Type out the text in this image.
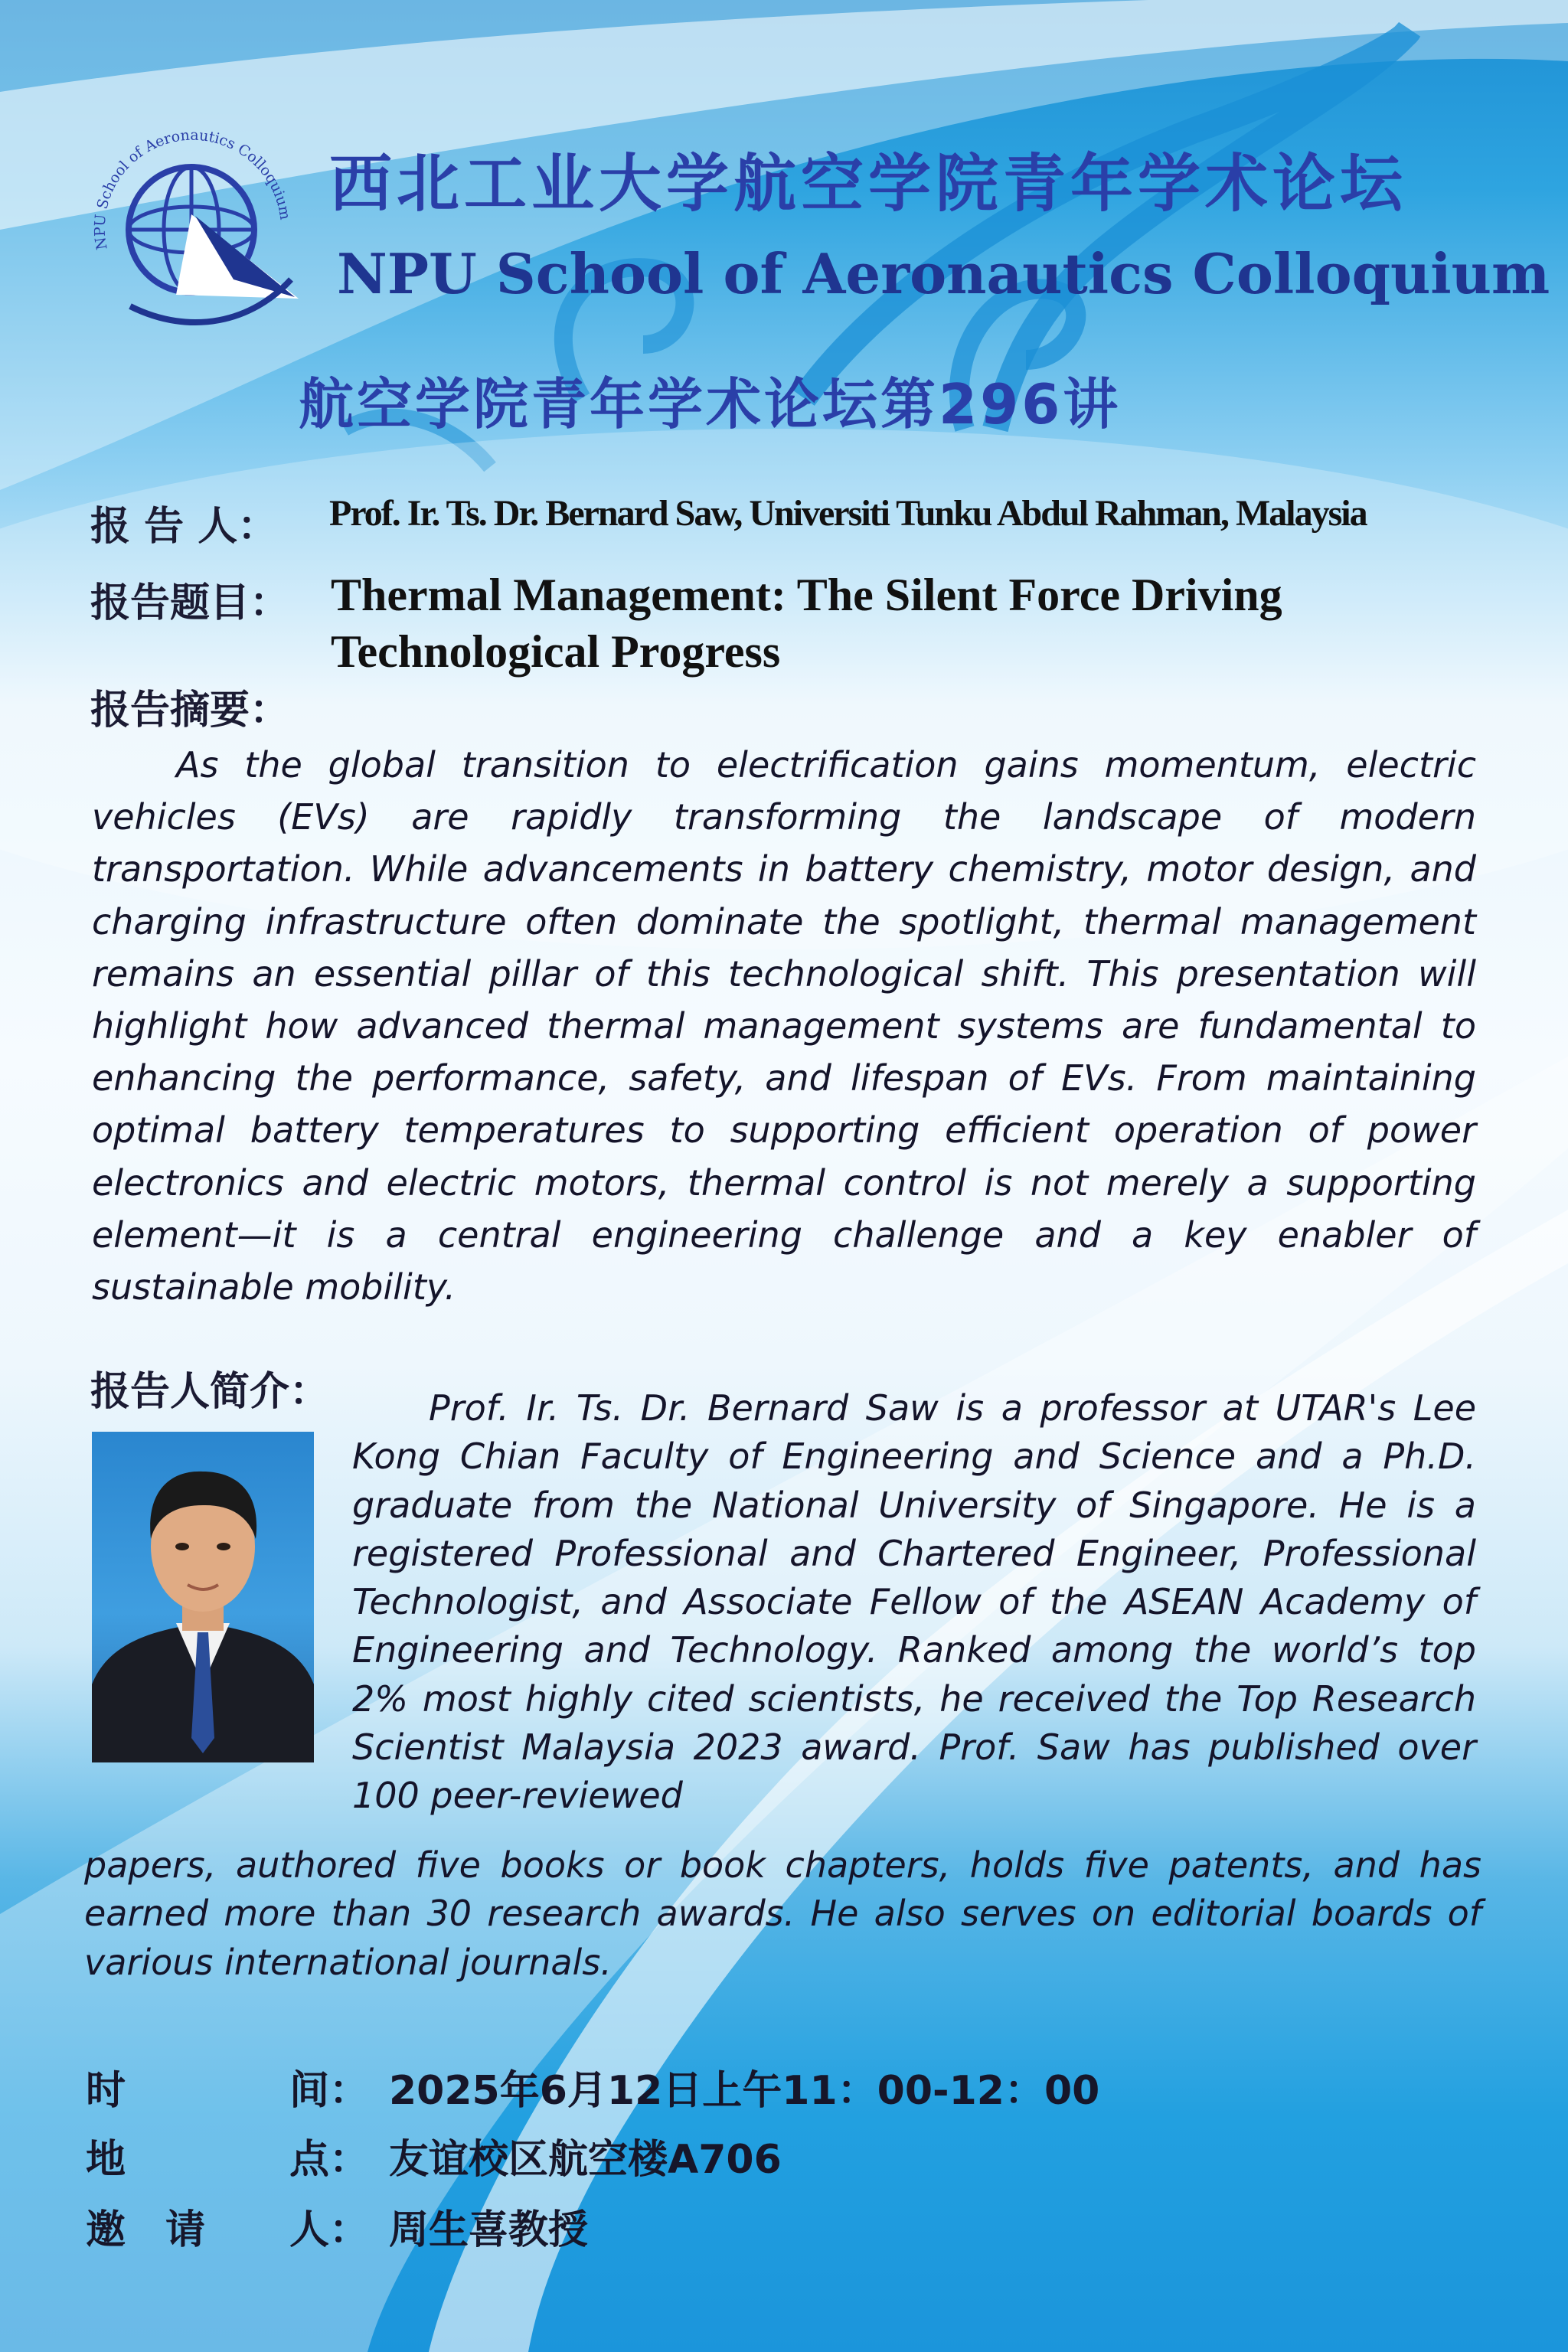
NPU School of Aeronautics Colloquium 西北工业大学航空学院青年学术论坛
NPU School of Aeronautics Colloquium
航空学院青年学术论坛第296讲
报 告 人： Prof. Ir. Ts. Dr. Bernard Saw, Universiti Tunku Abdul Rahman, Malaysia
报告题目： Thermal Management: The Silent Force Driving Technological Progress
报告摘要：

As the global transition to electrification gains momentum, electric vehicles (EVs) are rapidly transforming the landscape of modern transportation. While advancements in battery chemistry, motor design, and charging infrastructure often dominate the spotlight, thermal management remains an essential pillar of this technological shift. This presentation will highlight how advanced thermal management systems are fundamental to enhancing the performance, safety, and lifespan of EVs. From maintaining optimal battery temperatures to supporting efficient operation of power electronics and electric motors, thermal control is not merely a supporting element—it is a central engineering challenge and a key enabler of sustainable mobility.

报告人简介：	Prof. Ir. Ts. Dr. Bernard Saw is a professor at UTAR's Lee Kong Chian Faculty of Engineering and Science and a Ph.D. graduate from the National University of Singapore. He is a registered Professional and Chartered Engineer, Professional Technologist, and Associate Fellow of the ASEAN Academy of Engineering and Technology. Ranked among the world’s top 2% most highly cited scientists, he received the Top Research Scientist Malaysia 2023 award. Prof. Saw has published over 100 peer-reviewed

papers, authored five books or book chapters, holds five patents, and has earned more than 30 research awards. He also serves on editorial boards of various international journals.

时	间： 2025年6月12日上午11：00-12：00
地	点： 友谊校区航空楼A706
邀　请 人： 周生喜教授
